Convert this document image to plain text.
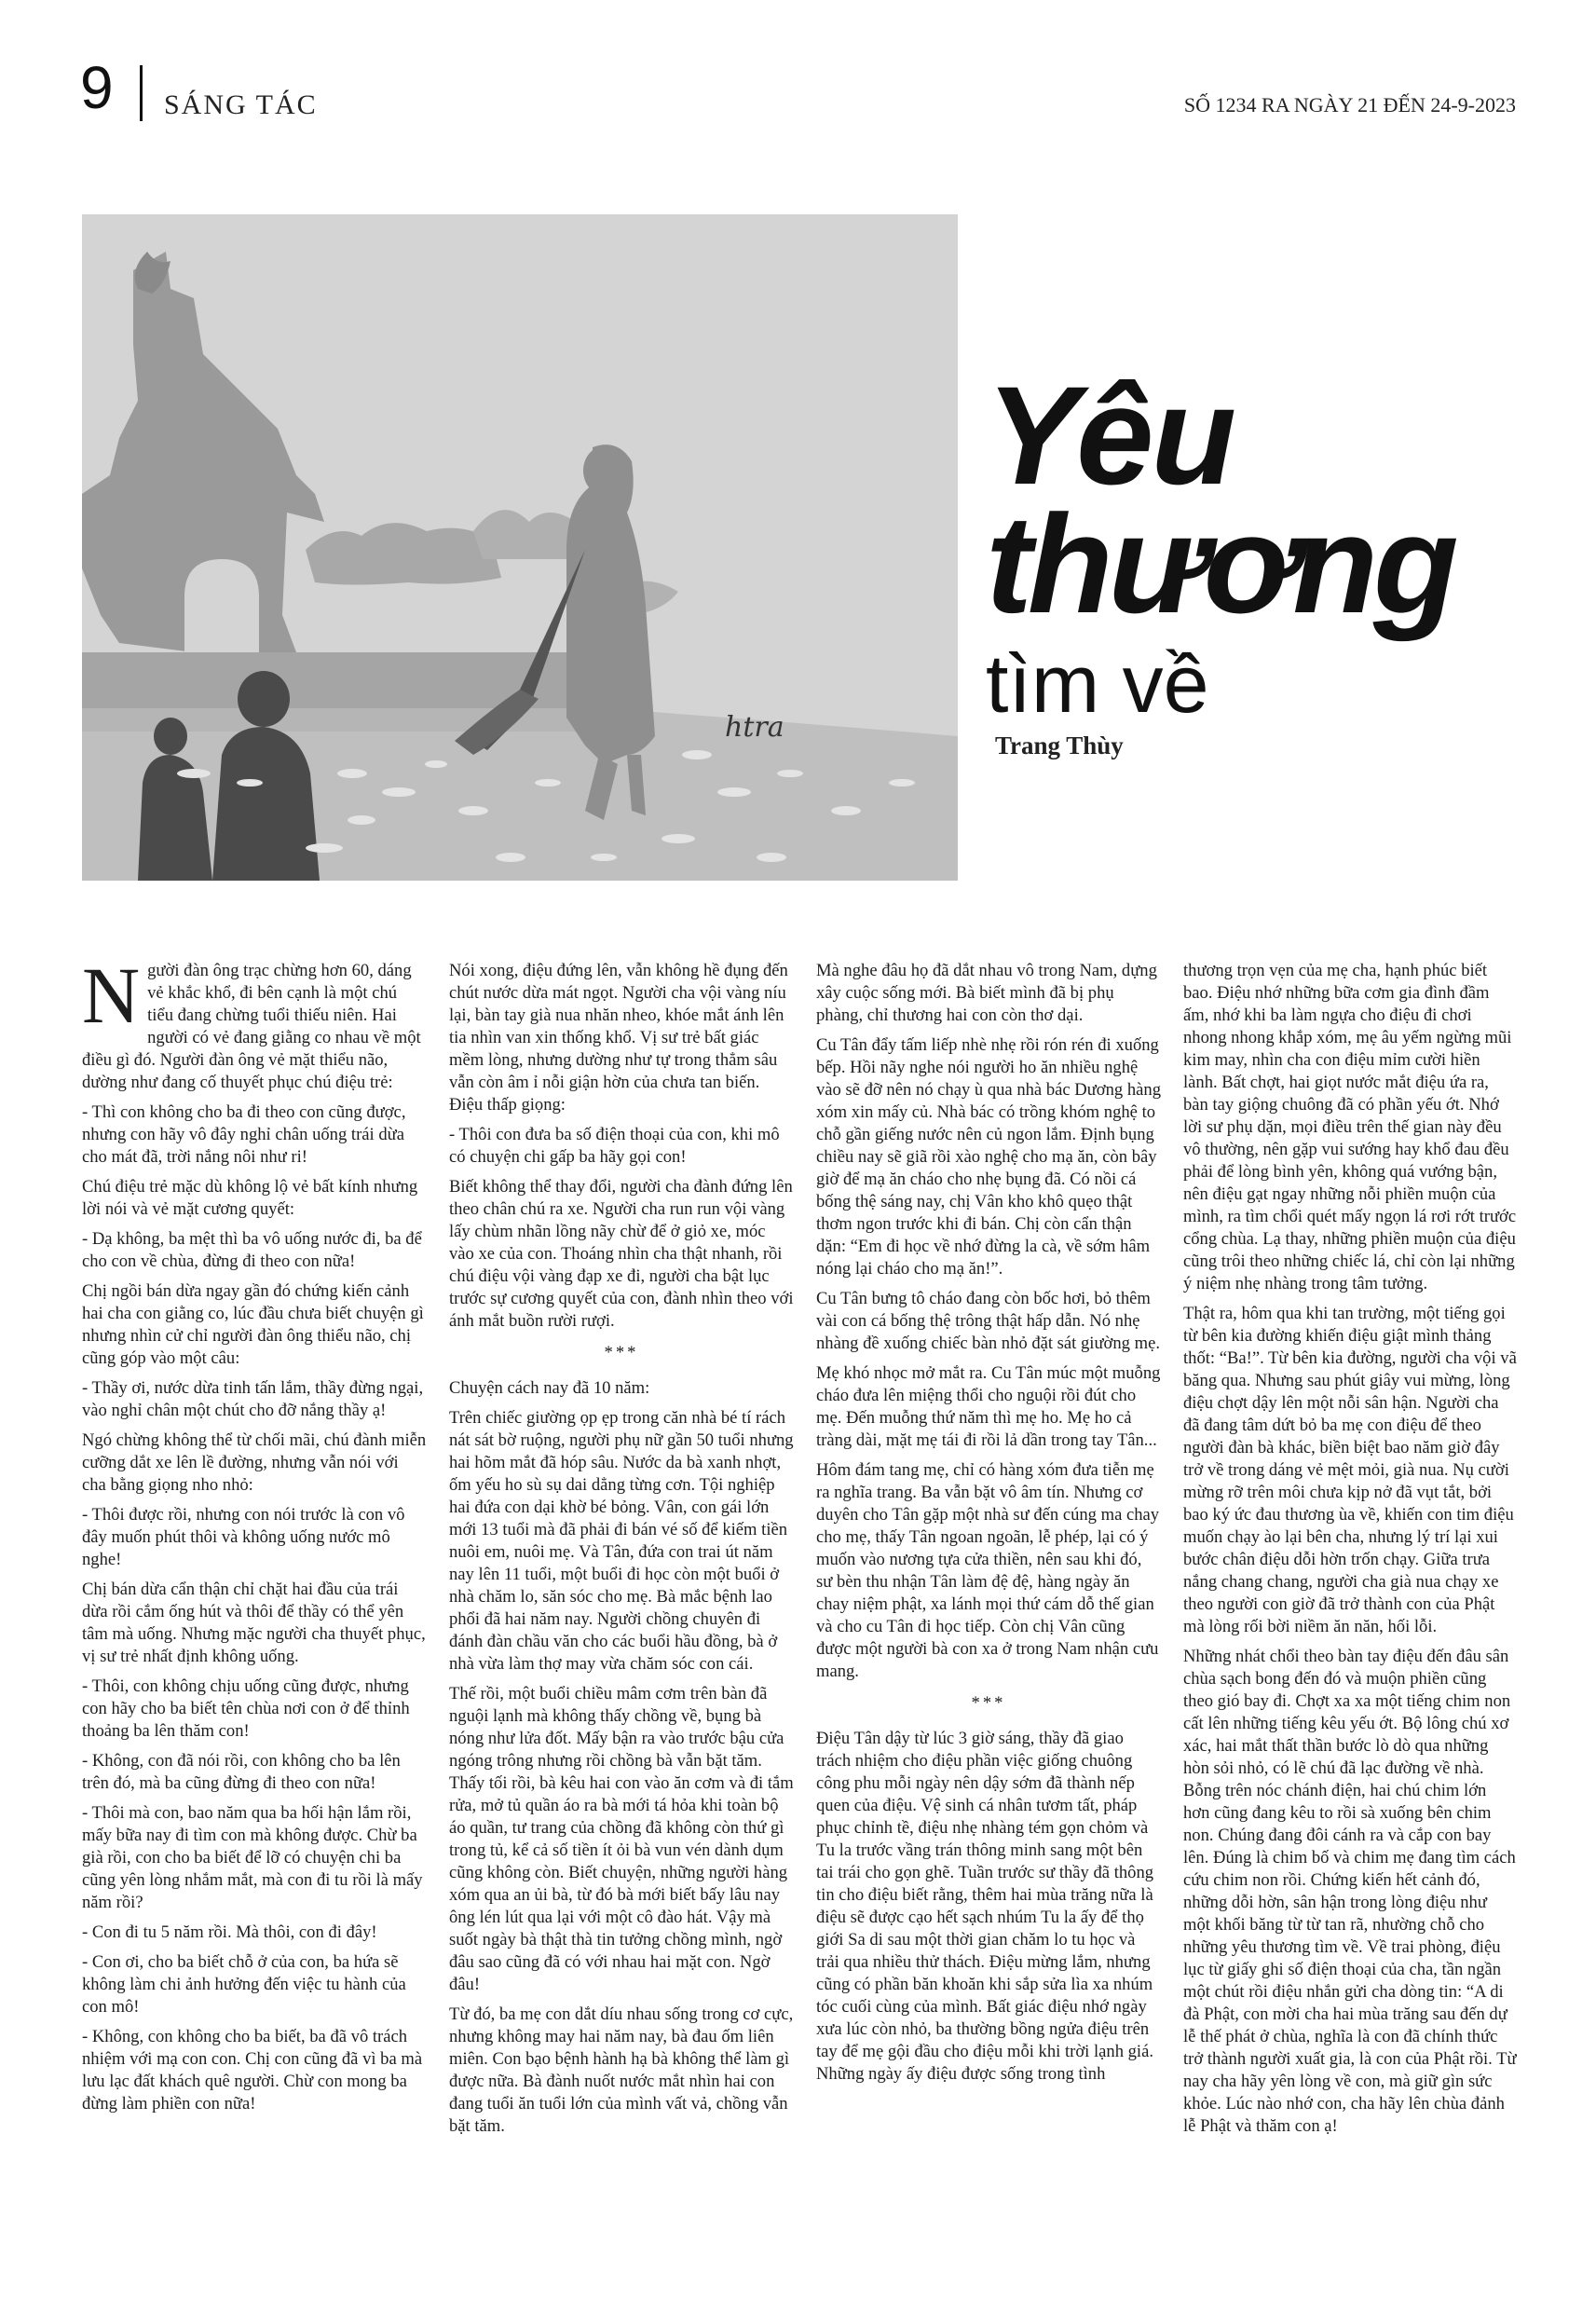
9 SÁNG TÁC	SỐ 1234 RA NGÀY 21 ĐẾN 24-9-2023
htra
Yêu
thương
tìm về
Trang Thùy

Người đàn ông trạc chừng hơn 60, dáng vẻ khắc khổ, đi bên cạnh là một chú tiểu đang chừng tuổi thiếu niên. Hai người có vẻ đang giằng co nhau về một điều gì đó. Người đàn ông vẻ mặt thiểu não, dường như đang cố thuyết phục chú điệu trẻ:

- Thì con không cho ba đi theo con cũng được, nhưng con hãy vô đây nghỉ chân uống trái dừa cho mát đã, trời nắng nôi như ri!

Chú điệu trẻ mặc dù không lộ vẻ bất kính nhưng lời nói và vẻ mặt cương quyết:

- Dạ không, ba mệt thì ba vô uống nước đi, ba để cho con về chùa, đừng đi theo con nữa!

Chị ngồi bán dừa ngay gần đó chứng kiến cảnh hai cha con giằng co, lúc đầu chưa biết chuyện gì nhưng nhìn cử chỉ người đàn ông thiểu não, chị cũng góp vào một câu:

- Thầy ơi, nước dừa tinh tấn lắm, thầy đừng ngại, vào nghỉ chân một chút cho đỡ nắng thầy ạ!

Ngó chừng không thể từ chối mãi, chú đành miễn cưỡng dắt xe lên lề đường, nhưng vẫn nói với cha bằng giọng nho nhỏ:

- Thôi được rồi, nhưng con nói trước là con vô đây muốn phút thôi và không uống nước mô nghe!

Chị bán dừa cẩn thận chỉ chặt hai đầu của trái dừa rồi cắm ống hút và thôi để thầy có thể yên tâm mà uống. Nhưng mặc người cha thuyết phục, vị sư trẻ nhất định không uống.

- Thôi, con không chịu uống cũng được, nhưng con hãy cho ba biết tên chùa nơi con ở để thỉnh thoảng ba lên thăm con!

- Không, con đã nói rồi, con không cho ba lên trên đó, mà ba cũng đừng đi theo con nữa!

- Thôi mà con, bao năm qua ba hối hận lắm rồi, mấy bữa nay đi tìm con mà không được. Chừ ba già rồi, con cho ba biết để lỡ có chuyện chi ba cũng yên lòng nhắm mắt, mà con đi tu rồi là mấy năm rồi?

- Con đi tu 5 năm rồi. Mà thôi, con đi đây!

- Con ơi, cho ba biết chỗ ở của con, ba hứa sẽ không làm chi ảnh hưởng đến việc tu hành của con mô!

- Không, con không cho ba biết, ba đã vô trách nhiệm với mạ con con. Chị con cũng đã vì ba mà lưu lạc đất khách quê người. Chừ con mong ba đừng làm phiền con nữa!

Nói xong, điệu đứng lên, vẫn không hề đụng đến chút nước dừa mát ngọt. Người cha vội vàng níu lại, bàn tay già nua nhăn nheo, khóe mắt ánh lên tia nhìn van xin thống khổ. Vị sư trẻ bất giác mềm lòng, nhưng dường như tự trong thẳm sâu vẫn còn âm ỉ nỗi giận hờn của chưa tan biến. Điệu thấp giọng:

- Thôi con đưa ba số điện thoại của con, khi mô có chuyện chi gấp ba hãy gọi con!

Biết không thể thay đổi, người cha đành đứng lên theo chân chú ra xe. Người cha run run vội vàng lấy chùm nhãn lồng nãy chừ để ở giỏ xe, móc vào xe của con. Thoáng nhìn cha thật nhanh, rồi chú điệu vội vàng đạp xe đi, người cha bật lục trước sự cương quyết của con, đành nhìn theo với ánh mắt buồn rười rượi.

***

Chuyện cách nay đã 10 năm:

Trên chiếc giường ọp ẹp trong căn nhà bé tí rách nát sát bờ ruộng, người phụ nữ gần 50 tuổi nhưng hai hõm mắt đã hóp sâu. Nước da bà xanh nhợt, ốm yếu ho sù sụ dai dẳng từng cơn. Tội nghiệp hai đứa con dại khờ bé bỏng. Vân, con gái lớn mới 13 tuổi mà đã phải đi bán vé số để kiếm tiền nuôi em, nuôi mẹ. Và Tân, đứa con trai út năm nay lên 11 tuổi, một buổi đi học còn một buổi ở nhà chăm lo, săn sóc cho mẹ. Bà mắc bệnh lao phổi đã hai năm nay. Người chồng chuyên đi đánh đàn chầu văn cho các buổi hầu đồng, bà ở nhà vừa làm thợ may vừa chăm sóc con cái.

Thế rồi, một buổi chiều mâm cơm trên bàn đã nguội lạnh mà không thấy chồng về, bụng bà nóng như lửa đốt. Mấy bận ra vào trước bậu cửa ngóng trông nhưng rồi chồng bà vẫn bặt tăm. Thấy tối rồi, bà kêu hai con vào ăn cơm và đi tắm rửa, mở tủ quần áo ra bà mới tá hỏa khi toàn bộ áo quần, tư trang của chồng đã không còn thứ gì trong tủ, kể cả số tiền ít ỏi bà vun vén dành dụm cũng không còn. Biết chuyện, những người hàng xóm qua an ủi bà, từ đó bà mới biết bấy lâu nay ông lén lút qua lại với một cô đào hát. Vậy mà suốt ngày bà thật thà tin tưởng chồng mình, ngờ đâu sao cũng đã có với nhau hai mặt con. Ngờ đâu!

Từ đó, ba mẹ con dắt díu nhau sống trong cơ cực, nhưng không may hai năm nay, bà đau ốm liên miên. Con bạo bệnh hành hạ bà không thể làm gì được nữa. Bà đành nuốt nước mắt nhìn hai con đang tuổi ăn tuổi lớn của mình vất vả, chồng vẫn bặt tăm.

Mà nghe đâu họ đã dắt nhau vô trong Nam, dựng xây cuộc sống mới. Bà biết mình đã bị phụ phàng, chỉ thương hai con còn thơ dại.

Cu Tân đẩy tấm liếp nhè nhẹ rồi rón rén đi xuống bếp. Hồi nãy nghe nói người ho ăn nhiều nghệ vào sẽ đỡ nên nó chạy ù qua nhà bác Dương hàng xóm xin mấy củ. Nhà bác có trồng khóm nghệ to chỗ gần giếng nước nên củ ngon lắm. Định bụng chiều nay sẽ giã rồi xào nghệ cho mạ ăn, còn bây giờ để mạ ăn cháo cho nhẹ bụng đã. Có nồi cá bống thệ sáng nay, chị Vân kho khô quẹo thật thơm ngon trước khi đi bán. Chị còn cẩn thận dặn: “Em đi học về nhớ đừng la cà, về sớm hâm nóng lại cháo cho mạ ăn!”.

Cu Tân bưng tô cháo đang còn bốc hơi, bỏ thêm vài con cá bống thệ trông thật hấp dẫn. Nó nhẹ nhàng đề xuống chiếc bàn nhỏ đặt sát giường mẹ.

Mẹ khó nhọc mở mắt ra. Cu Tân múc một muỗng cháo đưa lên miệng thổi cho nguội rồi đút cho mẹ. Đến muỗng thứ năm thì mẹ ho. Mẹ ho cả tràng dài, mặt mẹ tái đi rồi lả dần trong tay Tân...

Hôm đám tang mẹ, chỉ có hàng xóm đưa tiễn mẹ ra nghĩa trang. Ba vẫn bặt vô âm tín. Nhưng cơ duyên cho Tân gặp một nhà sư đến cúng ma chay cho mẹ, thấy Tân ngoan ngoãn, lễ phép, lại có ý muốn vào nương tựa cửa thiền, nên sau khi đó, sư bèn thu nhận Tân làm đệ đệ, hàng ngày ăn chay niệm phật, xa lánh mọi thứ cám dỗ thế gian và cho cu Tân đi học tiếp. Còn chị Vân cũng được một người bà con xa ở trong Nam nhận cưu mang.

***

Điệu Tân dậy từ lúc 3 giờ sáng, thầy đã giao trách nhiệm cho điệu phần việc giống chuông công phu mỗi ngày nên dậy sớm đã thành nếp quen của điệu. Vệ sinh cá nhân tươm tất, pháp phục chỉnh tề, điệu nhẹ nhàng tém gọn chỏm và Tu la trước vầng trán thông minh sang một bên tai trái cho gọn ghẽ. Tuần trước sư thầy đã thông tin cho điệu biết rằng, thêm hai mùa trăng nữa là điệu sẽ được cạo hết sạch nhúm Tu la ấy để thọ giới Sa di sau một thời gian chăm lo tu học và trải qua nhiều thử thách. Điệu mừng lắm, nhưng cũng có phần băn khoăn khi sắp sửa lìa xa nhúm tóc cuối cùng của mình. Bất giác điệu nhớ ngày xưa lúc còn nhỏ, ba thường bồng ngửa điệu trên tay để mẹ gội đầu cho điệu mỗi khi trời lạnh giá. Những ngày ấy điệu được sống trong tình

thương trọn vẹn của mẹ cha, hạnh phúc biết bao. Điệu nhớ những bữa cơm gia đình đầm ấm, nhớ khi ba làm ngựa cho điệu đi chơi nhong nhong khắp xóm, mẹ âu yếm ngừng mũi kim may, nhìn cha con điệu mỉm cười hiền lành. Bất chợt, hai giọt nước mắt điệu ứa ra, bàn tay giộng chuông đã có phần yếu ớt. Nhớ lời sư phụ dặn, mọi điều trên thế gian này đều vô thường, nên gặp vui sướng hay khổ đau đều phải để lòng bình yên, không quá vướng bận, nên điệu gạt ngay những nỗi phiền muộn của mình, ra tìm chổi quét mấy ngọn lá rơi rớt trước cổng chùa. Lạ thay, những phiền muộn của điệu cũng trôi theo những chiếc lá, chỉ còn lại những ý niệm nhẹ nhàng trong tâm tưởng.

Thật ra, hôm qua khi tan trường, một tiếng gọi từ bên kia đường khiến điệu giật mình thảng thốt: “Ba!”. Từ bên kia đường, người cha vội vã băng qua. Nhưng sau phút giây vui mừng, lòng điệu chợt dậy lên một nỗi sân hận. Người cha đã đang tâm dứt bỏ ba mẹ con điệu để theo người đàn bà khác, biền biệt bao năm giờ đây trở về trong dáng vẻ mệt mỏi, già nua. Nụ cười mừng rỡ trên môi chưa kịp nở đã vụt tắt, bởi bao ký ức đau thương ùa về, khiến con tim điệu muốn chạy ào lại bên cha, nhưng lý trí lại xui bước chân điệu dỗi hờn trốn chạy. Giữa trưa nắng chang chang, người cha già nua chạy xe theo người con giờ đã trở thành con của Phật mà lòng rối bời niềm ăn năn, hối lỗi.

Những nhát chổi theo bàn tay điệu đến đâu sân chùa sạch bong đến đó và muộn phiền cũng theo gió bay đi. Chợt xa xa một tiếng chim non cất lên những tiếng kêu yếu ớt. Bộ lông chú xơ xác, hai mắt thất thần bước lò dò qua những hòn sỏi nhỏ, có lẽ chú đã lạc đường về nhà. Bỗng trên nóc chánh điện, hai chú chim lớn hơn cũng đang kêu to rồi sà xuống bên chim non. Chúng đang đôi cánh ra và cắp con bay lên. Đúng là chim bố và chim mẹ đang tìm cách cứu chim non rồi. Chứng kiến hết cảnh đó, những dỗi hờn, sân hận trong lòng điệu như một khối băng từ từ tan rã, nhường chỗ cho những yêu thương tìm về. Về trai phòng, điệu lục từ giấy ghi số điện thoại của cha, tần ngần một chút rồi điệu nhắn gửi cha dòng tin: “A di đà Phật, con mời cha hai mùa trăng sau đến dự lễ thế phát ở chùa, nghĩa là con đã chính thức trở thành người xuất gia, là con của Phật rồi. Từ nay cha hãy yên lòng về con, mà giữ gìn sức khỏe. Lúc nào nhớ con, cha hãy lên chùa đảnh lễ Phật và thăm con ạ!
